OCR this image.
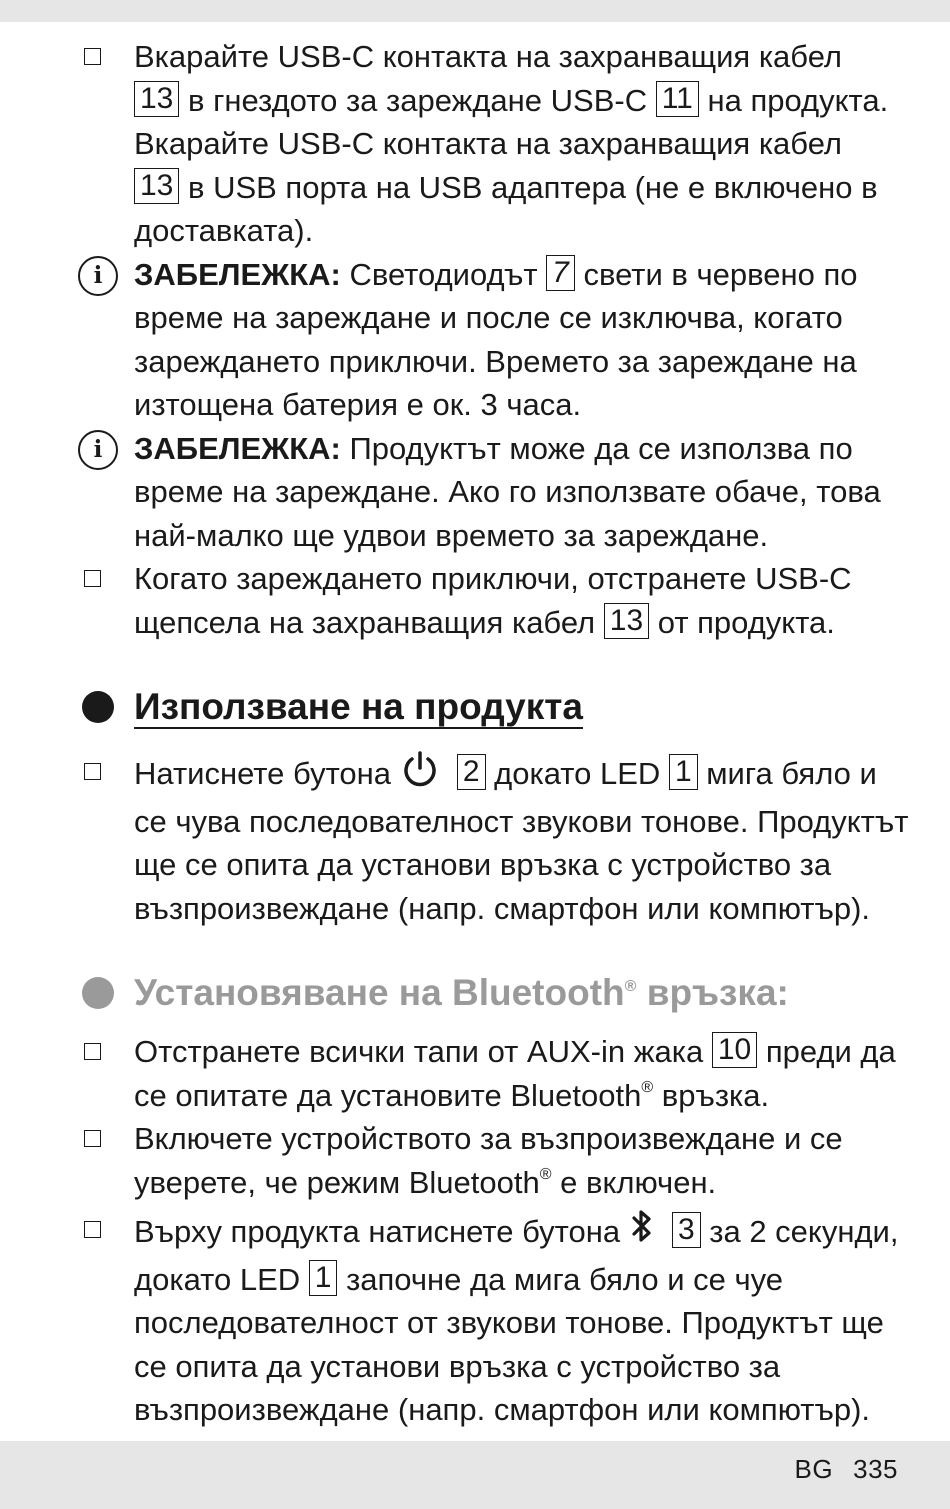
Вкарайте USB-C контакта на захранващия кабел
13 в гнездото за зареждане USB-C 11 на продукта. Вкарайте USB-C контакта на захранващия кабел
13 в USB порта на USB адаптера (не е включено в доставката).

i	ЗАБЕЛЕЖКА: Светодиодът 7 свети в червено по време на зареждане и после се изключва, когато зареждането приключи. Времето за зареждане на изтощена батерия е ок. 3 часа.

i	ЗАБЕЛЕЖКА: Продуктът може да се използва по време на зареждане. Ако го използвате обаче, това най-малко ще удвои времето за зареждане.

Когато зареждането приключи, отстранете USB-C щепсела на захранващия кабел 13 от продукта.

Използване на продукта

Натиснете бутона   2 докато LED 1 мига бяло и се чува последователност звукови тонове. Продуктът ще се опита да установи връзка с устройство за възпроизвеждане (напр. смартфон или компютър).

Установяване на Bluetooth® връзка:

Отстранете всички тапи от AUX-in жака 10 преди да се опитате да установите Bluetooth® връзка.

Включете устройството за възпроизвеждане и се уверете, че режим Bluetooth® е включен.

Върху продукта натиснете бутона   3 за 2 секунди, докато LED 1 започне да мига бяло и се чуе последователност от звукови тонове. Продуктът ще се опита да установи връзка с устройство за възпроизвеждане (напр. смартфон или компютър).

BG 335
